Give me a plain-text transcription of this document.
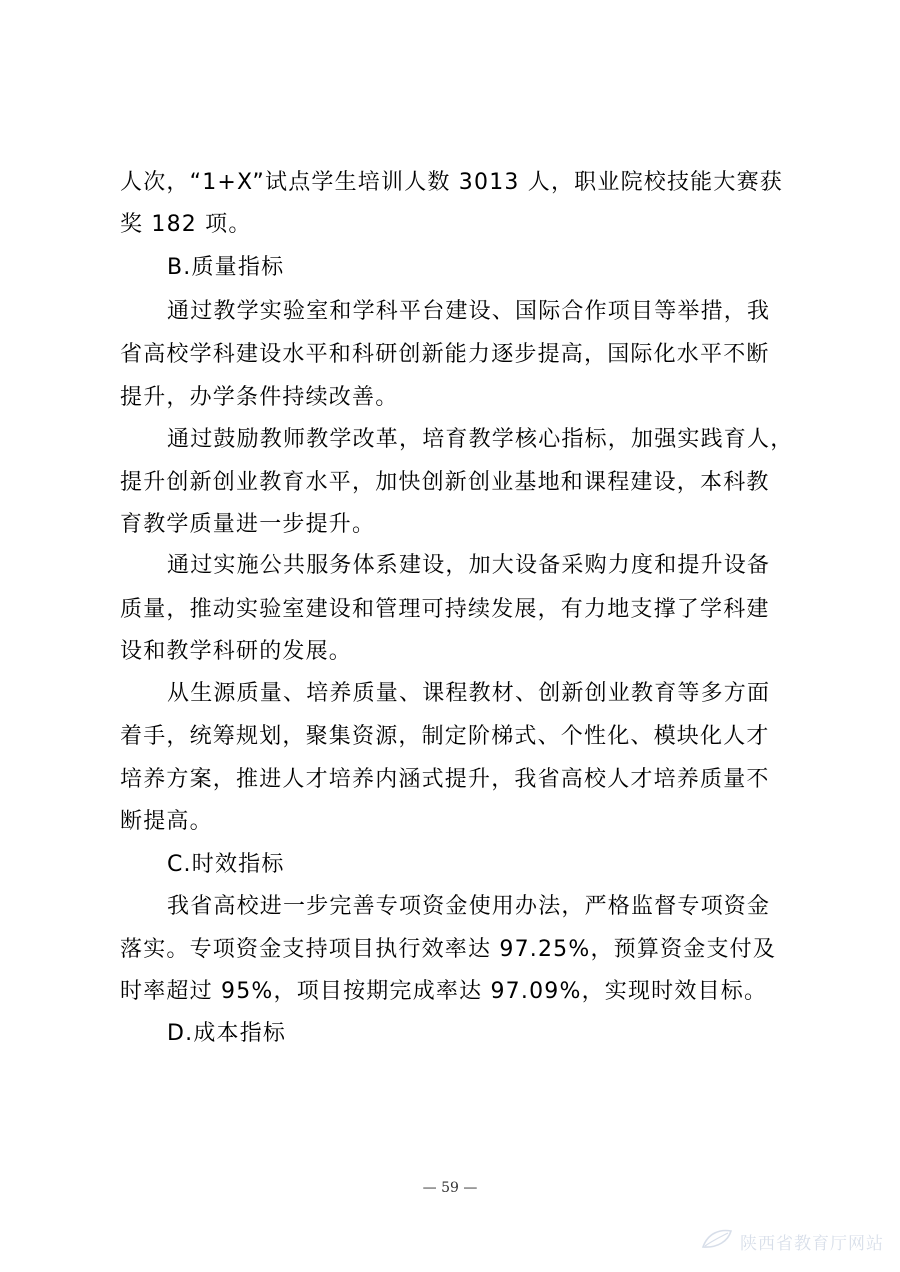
人次，“1+X”试点学生培训人数 3013 人，职业院校技能大赛获
奖 182 项。
B.质量指标
通过教学实验室和学科平台建设、国际合作项目等举措，我
省高校学科建设水平和科研创新能力逐步提高，国际化水平不断
提升，办学条件持续改善。
通过鼓励教师教学改革，培育教学核心指标，加强实践育人，
提升创新创业教育水平，加快创新创业基地和课程建设，本科教
育教学质量进一步提升。
通过实施公共服务体系建设，加大设备采购力度和提升设备
质量，推动实验室建设和管理可持续发展，有力地支撑了学科建
设和教学科研的发展。
从生源质量、培养质量、课程教材、创新创业教育等多方面
着手，统筹规划，聚集资源，制定阶梯式、个性化、模块化人才
培养方案，推进人才培养内涵式提升，我省高校人才培养质量不
断提高。
C.时效指标
我省高校进一步完善专项资金使用办法，严格监督专项资金
落实。专项资金支持项目执行效率达 97.25%，预算资金支付及
时率超过 95%，项目按期完成率达 97.09%，实现时效目标。
D.成本指标
— 59 —
陕西省教育厅网站
